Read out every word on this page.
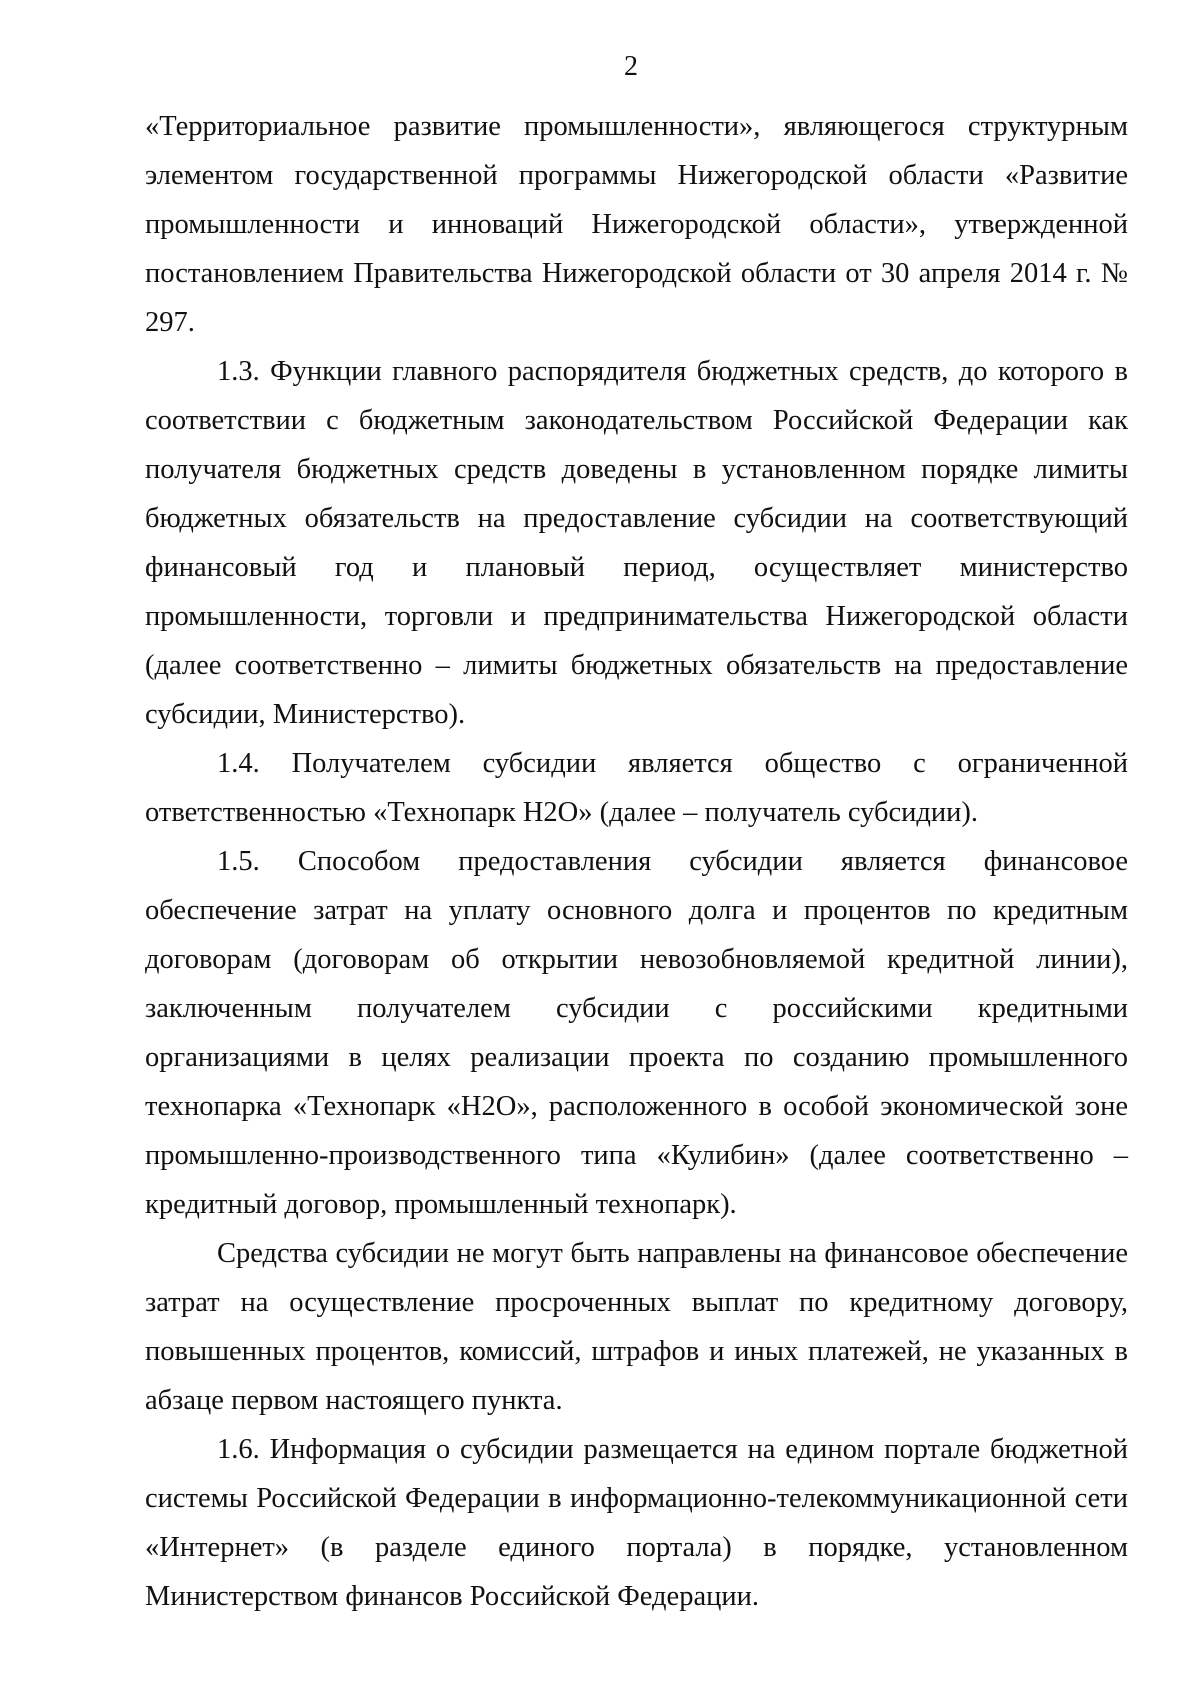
2

«Территориальное развитие промышленности», являющегося структурным элементом государственной программы Нижегородской области «Развитие промышленности и инноваций Нижегородской области», утвержденной постановлением Правительства Нижегородской области от 30 апреля 2014 г. № 297.

1.3. Функции главного распорядителя бюджетных средств, до которого в соответствии с бюджетным законодательством Российской Федерации как получателя бюджетных средств доведены в установленном порядке лимиты бюджетных обязательств на предоставление субсидии на соответствующий финансовый год и плановый период, осуществляет министерство промышленности, торговли и предпринимательства Нижегородской области (далее соответственно – лимиты бюджетных обязательств на предоставление субсидии, Министерство).

1.4. Получателем субсидии является общество с ограниченной ответственностью «Технопарк Н2О» (далее – получатель субсидии).

1.5. Способом предоставления субсидии является финансовое обеспечение затрат на уплату основного долга и процентов по кредитным договорам (договорам об открытии невозобновляемой кредитной линии), заключенным получателем субсидии с российскими кредитными организациями в целях реализации проекта по созданию промышленного технопарка «Технопарк «Н2О», расположенного в особой экономической зоне промышленно-производственного типа «Кулибин» (далее соответственно – кредитный договор, промышленный технопарк).

Средства субсидии не могут быть направлены на финансовое обеспечение затрат на осуществление просроченных выплат по кредитному договору, повышенных процентов, комиссий, штрафов и иных платежей, не указанных в абзаце первом настоящего пункта.

1.6. Информация о субсидии размещается на едином портале бюджетной системы Российской Федерации в информационно-телекоммуникационной сети «Интернет» (в разделе единого портала) в порядке, установленном Министерством финансов Российской Федерации.
